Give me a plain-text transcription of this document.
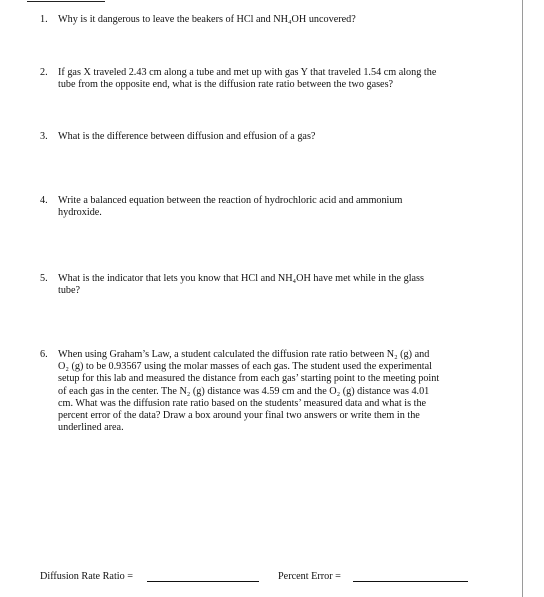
1.	Why is it dangerous to leave the beakers of HCl and NH₄OH uncovered?
2.	If gas X traveled 2.43 cm along a tube and met up with gas Y that traveled 1.54 cm along the
tube from the opposite end, what is the diffusion rate ratio between the two gases?
3.	What is the difference between diffusion and effusion of a gas?
4.	Write a balanced equation between the reaction of hydrochloric acid and ammonium
hydroxide.
5.	What is the indicator that lets you know that HCl and NH₄OH have met while in the glass
tube?
6.	When using Graham’s Law, a student calculated the diffusion rate ratio between N₂ (g) and
O₂ (g) to be 0.93567 using the molar masses of each gas. The student used the experimental
setup for this lab and measured the distance from each gas’ starting point to the meeting point
of each gas in the center. The N₂ (g) distance was 4.59 cm and the O₂ (g) distance was 4.01
cm. What was the diffusion rate ratio based on the students’ measured data and what is the
percent error of the data? Draw a box around your final two answers or write them in the
underlined area.
Diffusion Rate Ratio =	Percent Error =
